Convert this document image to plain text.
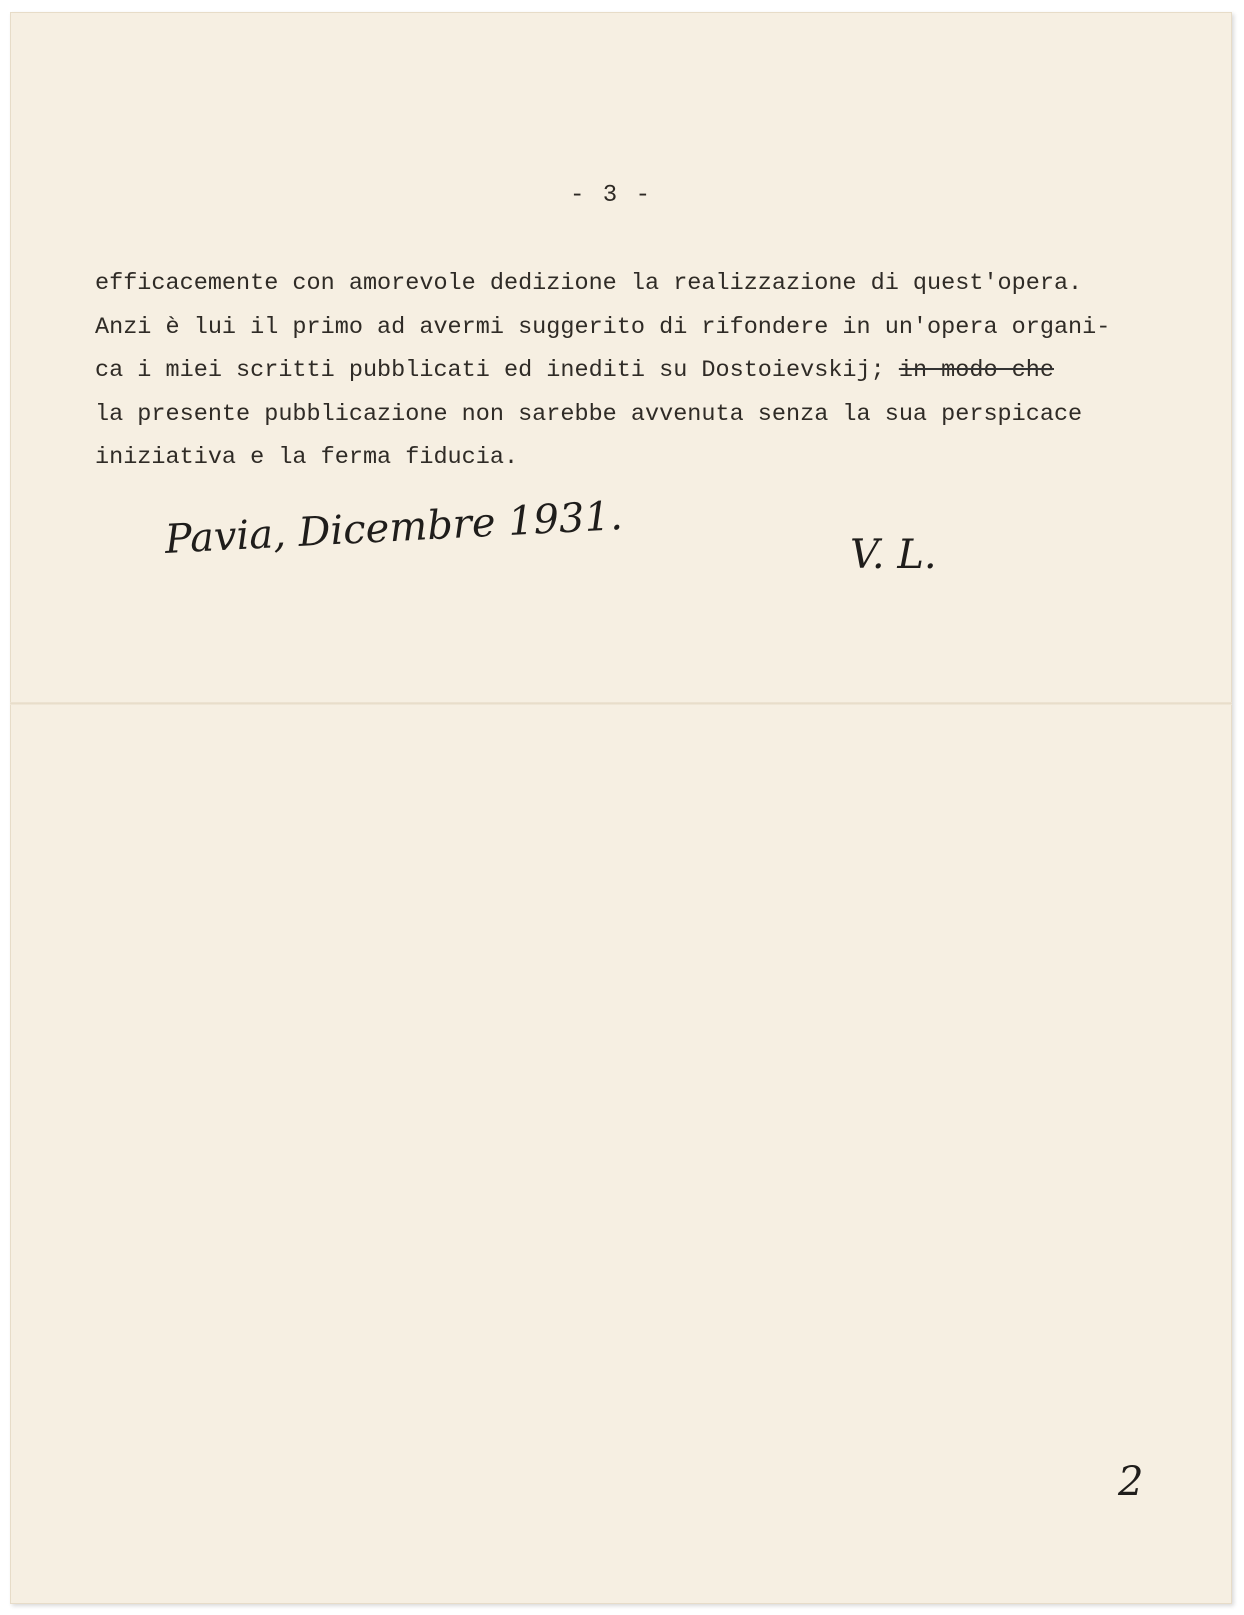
- 3 -
efficacemente con amorevole dedizione la realizzazione di quest'opera.
Anzi è lui il primo ad avermi suggerito di rifondere in un'opera organi-
ca i miei scritti pubblicati ed inediti su Dostoievskij; in modo che
la presente pubblicazione non sarebbe avvenuta senza la sua perspicace
iniziativa e la ferma fiducia.
Pavia, Dicembre 1931.	V. L.
2
